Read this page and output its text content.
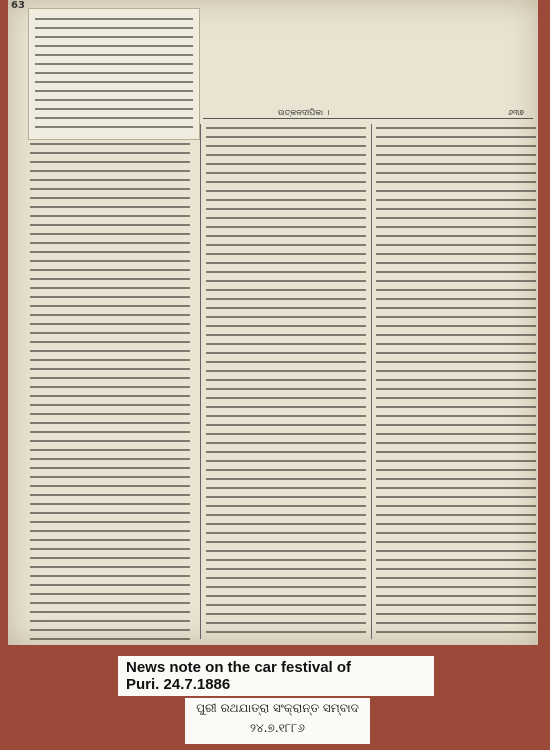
63
ଉତ୍କଳଦୀପିକା ।	୬୩୭
News note on the car festival of
Puri. 24.7.1886
ପୁରୀ ରଥଯାତ୍ରା ସଂକ୍ରାନ୍ତ ସମ୍ବାଦ
୨୪.୭.୧୮୮୬
